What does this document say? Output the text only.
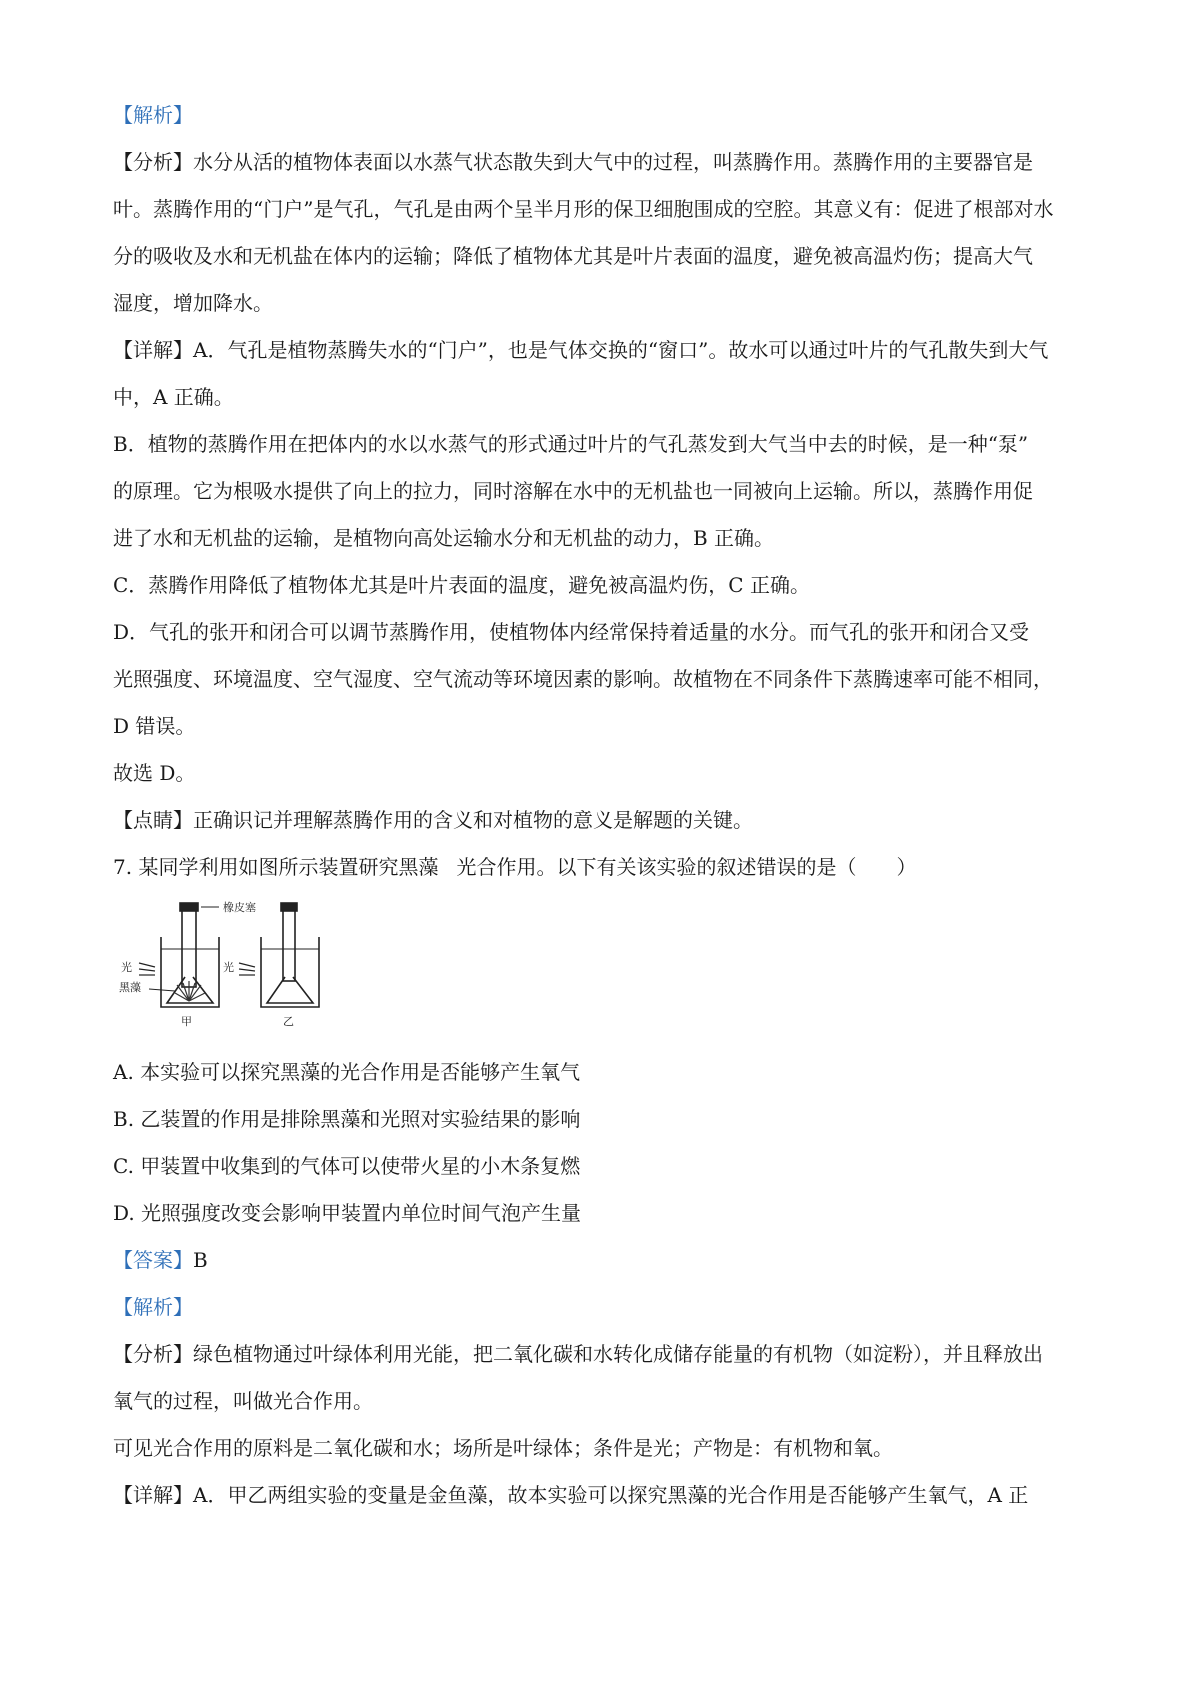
【解析】

【分析】水分从活的植物体表面以水蒸气状态散失到大气中的过程，叫蒸腾作用。蒸腾作用的主要器官是

叶。蒸腾作用的“门户”是气孔，气孔是由两个呈半月形的保卫细胞围成的空腔。其意义有：促进了根部对水

分的吸收及水和无机盐在体内的运输；降低了植物体尤其是叶片表面的温度，避免被高温灼伤；提高大气

湿度，增加降水。

【详解】A．气孔是植物蒸腾失水的“门户”，也是气体交换的“窗口”。故水可以通过叶片的气孔散失到大气

中，A 正确。

B．植物的蒸腾作用在把体内的水以水蒸气的形式通过叶片的气孔蒸发到大气当中去的时候，是一种“泵”

的原理。它为根吸水提供了向上的拉力，同时溶解在水中的无机盐也一同被向上运输。所以，蒸腾作用促

进了水和无机盐的运输，是植物向高处运输水分和无机盐的动力，B 正确。

C．蒸腾作用降低了植物体尤其是叶片表面的温度，避免被高温灼伤，C 正确。

D．气孔的张开和闭合可以调节蒸腾作用，使植物体内经常保持着适量的水分。而气孔的张开和闭合又受

光照强度、环境温度、空气湿度、空气流动等环境因素的影响。故植物在不同条件下蒸腾速率可能不相同，

D 错误。

故选 D。

【点睛】正确识记并理解蒸腾作用的含义和对植物的意义是解题的关键。

7. 某同学利用如图所示装置研究黑藻 光合作用。以下有关该实验的叙述错误的是（　　）

橡皮塞
光
黑藻
光
甲	乙

A. 本实验可以探究黑藻的光合作用是否能够产生氧气

B. 乙装置的作用是排除黑藻和光照对实验结果的影响

C. 甲装置中收集到的气体可以使带火星的小木条复燃

D. 光照强度改变会影响甲装置内单位时间气泡产生量

【答案】B

【解析】

【分析】绿色植物通过叶绿体利用光能，把二氧化碳和水转化成储存能量的有机物（如淀粉），并且释放出

氧气的过程，叫做光合作用。

可见光合作用的原料是二氧化碳和水；场所是叶绿体；条件是光；产物是：有机物和氧。

【详解】A．甲乙两组实验的变量是金鱼藻，故本实验可以探究黑藻的光合作用是否能够产生氧气，A 正
